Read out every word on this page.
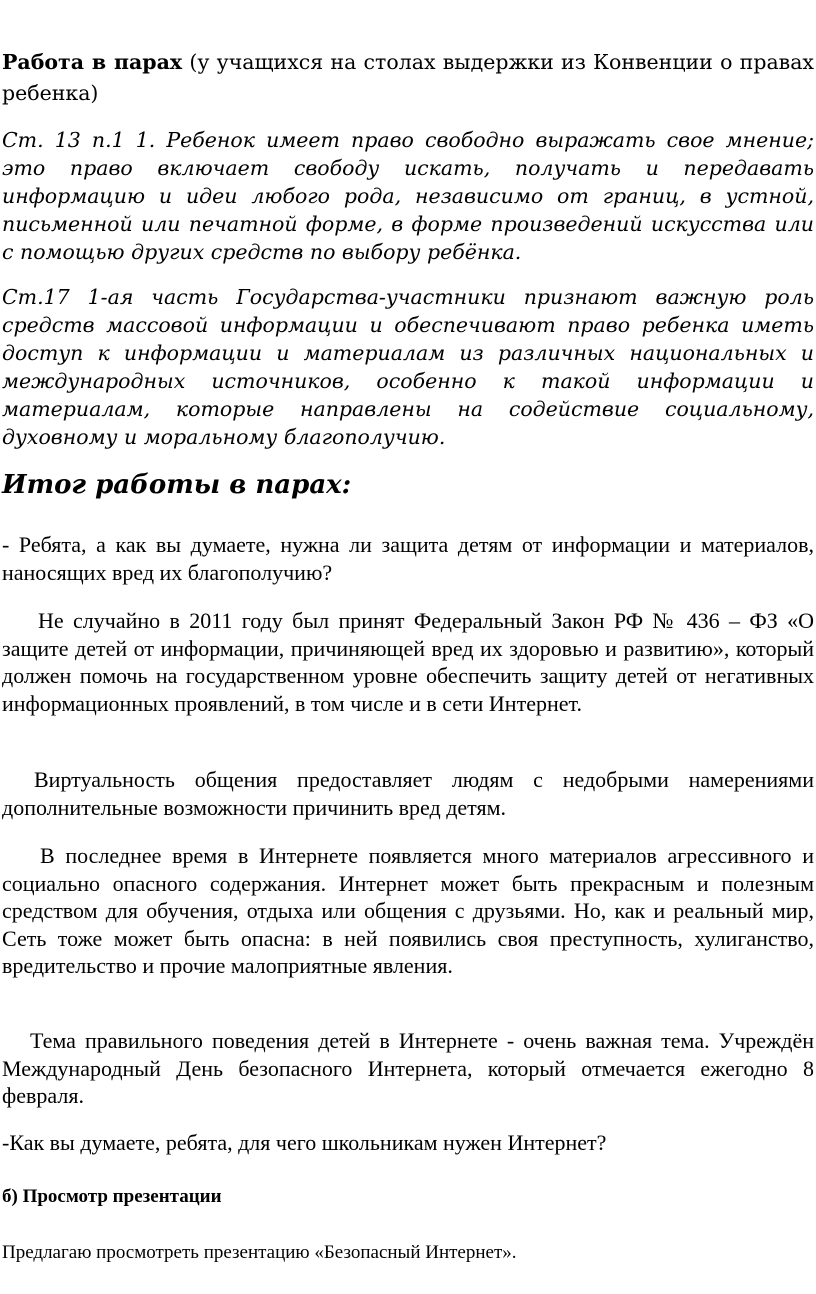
Работа в парах (у учащихся на столах выдержки из Конвенции о правах ребенка)

Ст. 13 п.1 1. Ребенок имеет право свободно выражать свое мнение; это право включает свободу искать, получать и передавать информацию и идеи любого рода, независимо от границ, в устной, письменной или печатной форме, в форме произведений искусства или с помощью других средств по выбору ребёнка.

Ст.17 1-ая часть Государства-участники признают важную роль средств массовой информации и обеспечивают право ребенка иметь доступ к информации и материалам из различных национальных и международных источников, особенно к такой информации и материалам, которые направлены на содействие социальному, духовному и моральному благополучию.

Итог работы в парах:

- Ребята, а как вы думаете, нужна ли защита детям от информации и материалов, наносящих вред их благополучию?

Не случайно в 2011 году был принят Федеральный Закон РФ № 436 – ФЗ «О защите детей от информации, причиняющей вред их здоровью и развитию», который должен помочь на государственном уровне обеспечить защиту детей от негативных информационных проявлений, в том числе и в сети Интернет.

Виртуальность общения предоставляет людям с недобрыми намерениями дополнительные возможности причинить вред детям.

В последнее время в Интернете появляется много материалов агрессивного и социально опасного содержания. Интернет может быть прекрасным и полезным средством для обучения, отдыха или общения с друзьями. Но, как и реальный мир, Сеть тоже может быть опасна: в ней появились своя преступность, хулиганство, вредительство и прочие малоприятные явления.

Тема правильного поведения детей в Интернете - очень важная тема. Учреждён Международный День безопасного Интернета, который отмечается ежегодно 8 февраля.

-Как вы думаете, ребята, для чего школьникам нужен Интернет?

б) Просмотр презентации

Предлагаю просмотреть презентацию «Безопасный Интернет».
